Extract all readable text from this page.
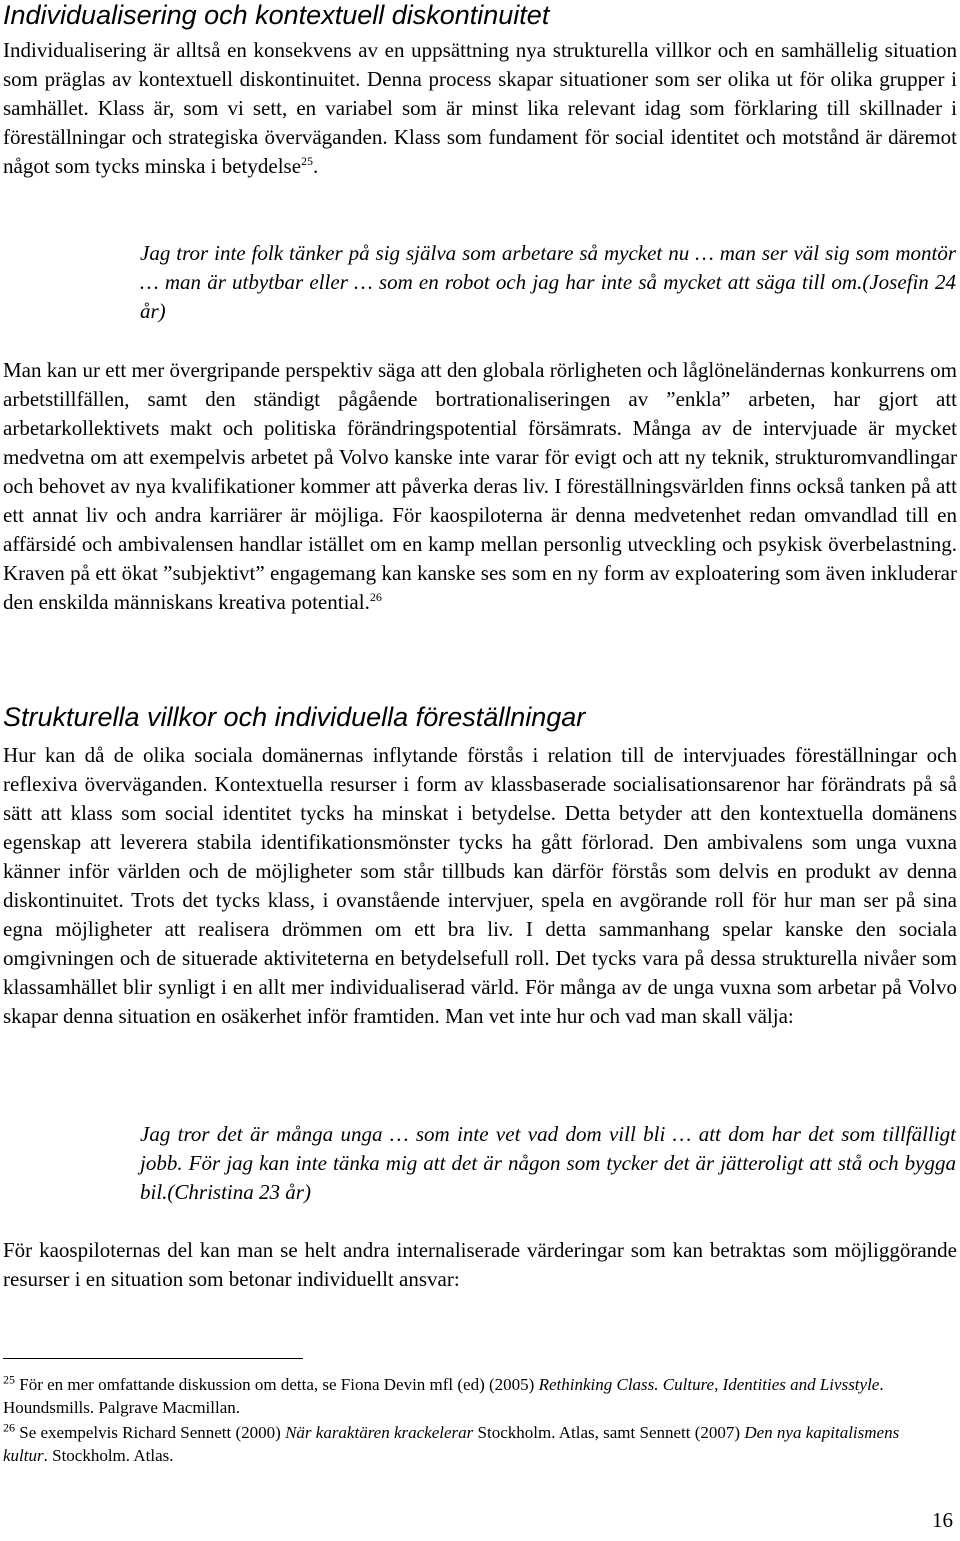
Individualisering och kontextuell diskontinuitet

Individualisering är alltså en konsekvens av en uppsättning nya strukturella villkor och en samhällelig situation som präglas av kontextuell diskontinuitet. Denna process skapar situationer som ser olika ut för olika grupper i samhället. Klass är, som vi sett, en variabel som är minst lika relevant idag som förklaring till skillnader i föreställningar och strategiska överväganden. Klass som fundament för social identitet och motstånd är däremot något som tycks minska i betydelse$^{25}$.

Jag tror inte folk tänker på sig själva som arbetare så mycket nu … man ser väl sig som montör … man är utbytbar eller … som en robot och jag har inte så mycket att säga till om.(Josefin 24 år)

Man kan ur ett mer övergripande perspektiv säga att den globala rörligheten och låglöneländernas konkurrens om arbetstillfällen, samt den ständigt pågående bortrationaliseringen av ”enkla” arbeten, har gjort att arbetarkollektivets makt och politiska förändringspotential försämrats. Många av de intervjuade är mycket medvetna om att exempelvis arbetet på Volvo kanske inte varar för evigt och att ny teknik, strukturomvandlingar och behovet av nya kvalifikationer kommer att påverka deras liv. I föreställningsvärlden finns också tanken på att ett annat liv och andra karriärer är möjliga. För kaospiloterna är denna medvetenhet redan omvandlad till en affärsidé och ambivalensen handlar istället om en kamp mellan personlig utveckling och psykisk överbelastning. Kraven på ett ökat ”subjektivt” engagemang kan kanske ses som en ny form av exploatering som även inkluderar den enskilda människans kreativa potential.$^{26}$

Strukturella villkor och individuella föreställningar

Hur kan då de olika sociala domänernas inflytande förstås i relation till de intervjuades föreställningar och reflexiva överväganden. Kontextuella resurser i form av klassbaserade socialisationsarenor har förändrats på så sätt att klass som social identitet tycks ha minskat i betydelse. Detta betyder att den kontextuella domänens egenskap att leverera stabila identifikationsmönster tycks ha gått förlorad. Den ambivalens som unga vuxna känner inför världen och de möjligheter som står tillbuds kan därför förstås som delvis en produkt av denna diskontinuitet. Trots det tycks klass, i ovanstående intervjuer, spela en avgörande roll för hur man ser på sina egna möjligheter att realisera drömmen om ett bra liv. I detta sammanhang spelar kanske den sociala omgivningen och de situerade aktiviteterna en betydelsefull roll. Det tycks vara på dessa strukturella nivåer som klassamhället blir synligt i en allt mer individualiserad värld. För många av de unga vuxna som arbetar på Volvo skapar denna situation en osäkerhet inför framtiden. Man vet inte hur och vad man skall välja:

Jag tror det är många unga … som inte vet vad dom vill bli … att dom har det som tillfälligt jobb. För jag kan inte tänka mig att det är någon som tycker det är jätteroligt att stå och bygga bil.(Christina 23 år)

För kaospiloternas del kan man se helt andra internaliserade värderingar som kan betraktas som möjliggörande resurser i en situation som betonar individuellt ansvar:

$^{25}$ För en mer omfattande diskussion om detta, se Fiona Devin mfl (ed) (2005) Rethinking Class. Culture, Identities and Livsstyle. Houndsmills. Palgrave Macmillan.

$^{26}$ Se exempelvis Richard Sennett (2000) När karaktären krackelerar Stockholm. Atlas, samt Sennett (2007) Den nya kapitalismens kultur. Stockholm. Atlas.

16
